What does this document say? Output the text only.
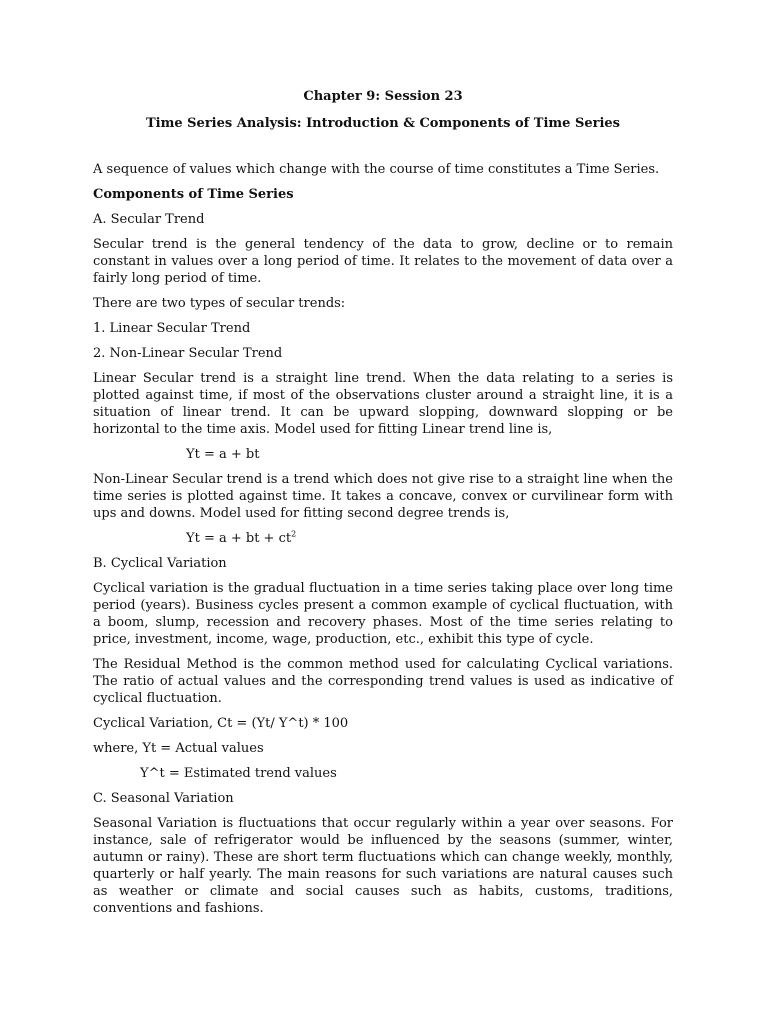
Chapter 9: Session 23
Time Series Analysis: Introduction & Components of Time Series

A sequence of values which change with the course of time constitutes a Time Series.

Components of Time Series

A. Secular Trend

Secular trend is the general tendency of the data to grow, decline or to remain constant in values over a long period of time. It relates to the movement of data over a fairly long period of time.

There are two types of secular trends:

1. Linear Secular Trend

2. Non-Linear Secular Trend

Linear Secular trend is a straight line trend. When the data relating to a series is plotted against time, if most of the observations cluster around a straight line, it is a situation of linear trend. It can be upward slopping, downward slopping or be horizontal to the time axis. Model used for fitting Linear trend line is,

Yt = a + bt

Non-Linear Secular trend is a trend which does not give rise to a straight line when the time series is plotted against time. It takes a concave, convex or curvilinear form with ups and downs. Model used for fitting second degree trends is,

Yt = a + bt + $ct^2$

B. Cyclical Variation

Cyclical variation is the gradual fluctuation in a time series taking place over long time period (years). Business cycles present a common example of cyclical fluctuation, with a boom, slump, recession and recovery phases. Most of the time series relating to price, investment, income, wage, production, etc., exhibit this type of cycle.

The Residual Method is the common method used for calculating Cyclical variations. The ratio of actual values and the corresponding trend values is used as indicative of cyclical fluctuation.

Cyclical Variation, Ct = (Yt/ Y^t) * 100

where, Yt = Actual values

Y^t = Estimated trend values

C. Seasonal Variation

Seasonal Variation is fluctuations that occur regularly within a year over seasons. For instance, sale of refrigerator would be influenced by the seasons (summer, winter, autumn or rainy). These are short term fluctuations which can change weekly, monthly, quarterly or half yearly. The main reasons for such variations are natural causes such as weather or climate and social causes such as habits, customs, traditions, conventions and fashions.
